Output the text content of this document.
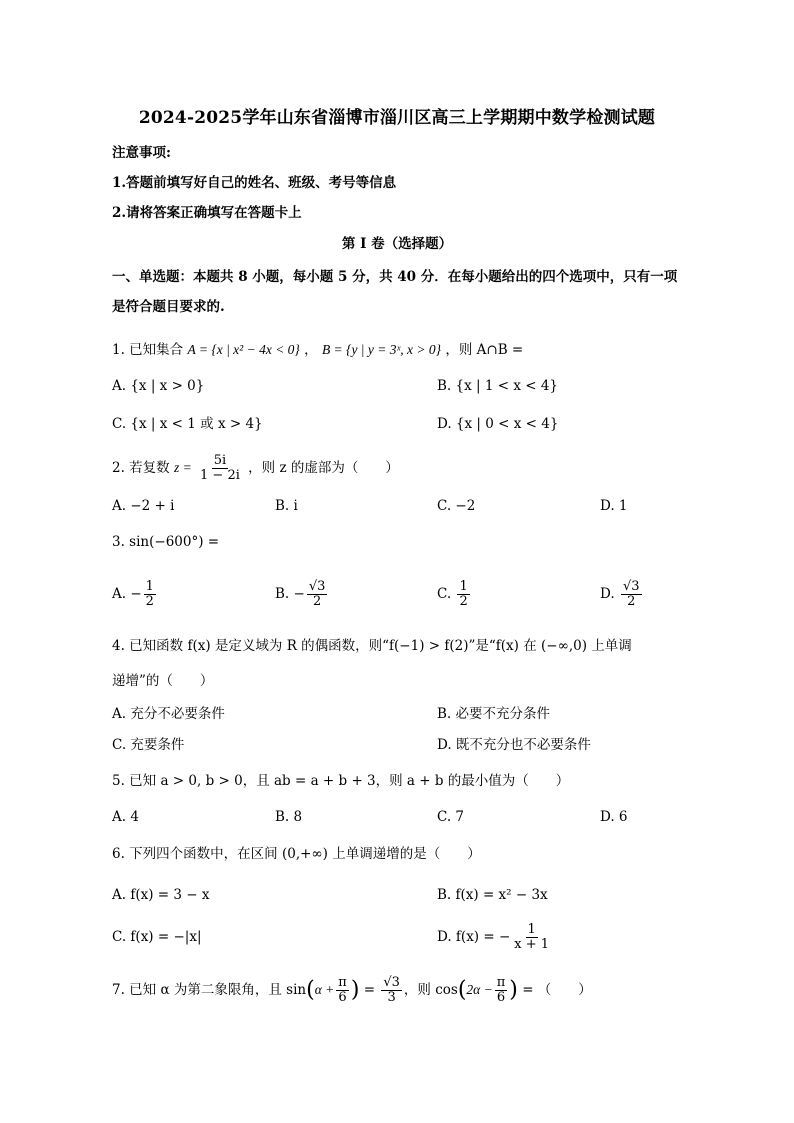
2024-2025学年山东省淄博市淄川区高三上学期期中数学检测试题
注意事项:
1.答题前填写好自己的姓名、班级、考号等信息
2.请将答案正确填写在答题卡上
第 I 卷（选择题）
一、单选题：本题共 8 小题，每小题 5 分，共 40 分．在每小题给出的四个选项中，只有一项
是符合题目要求的.
1. 已知集合 A = {x | x² − 4x < 0} ， B = {y | y = 3ˣ, x > 0} ，则 A∩B =
A. {x | x > 0}	B. {x | 1 < x < 4}
C. {x | x < 1 或 x > 4}	D. {x | 0 < x < 4}
2. 若复数 $z = \frac{5i}{1 - 2i}$ ，则 z 的虚部为（　　）
A. −2 + i	B. i	C. −2	D. 1
3. sin(−600°) =
A. − $\frac{1}{2}$	B. − $\frac{√3}{2}$	C. $\frac{1}{2}$	D. $\frac{√3}{2}$
4. 已知函数 f(x) 是定义域为 R 的偶函数，则“f(−1) > f(2)”是“f(x) 在 (−∞,0) 上单调
递增”的（　　）
A. 充分不必要条件	B. 必要不充分条件
C. 充要条件	D. 既不充分也不必要条件
5. 已知 a > 0, b > 0，且 ab = a + b + 3，则 a + b 的最小值为（　　）
A. 4	B. 8	C. 7	D. 6
6. 下列四个函数中，在区间 (0,+∞) 上单调递增的是（　　）
A. f(x) = 3 − x	B. f(x) = x² − 3x
C. f(x) = −|x|	D. f(x) = − $\frac{1}{x + 1}$
7. 已知 α 为第二象限角，且 $\sin(\alpha + \frac{\pi}{6}$ ) = $\frac{√3}{3}$ ，则 $\cos(2\alpha - \frac{\pi}{6}$ ) = （　　）
